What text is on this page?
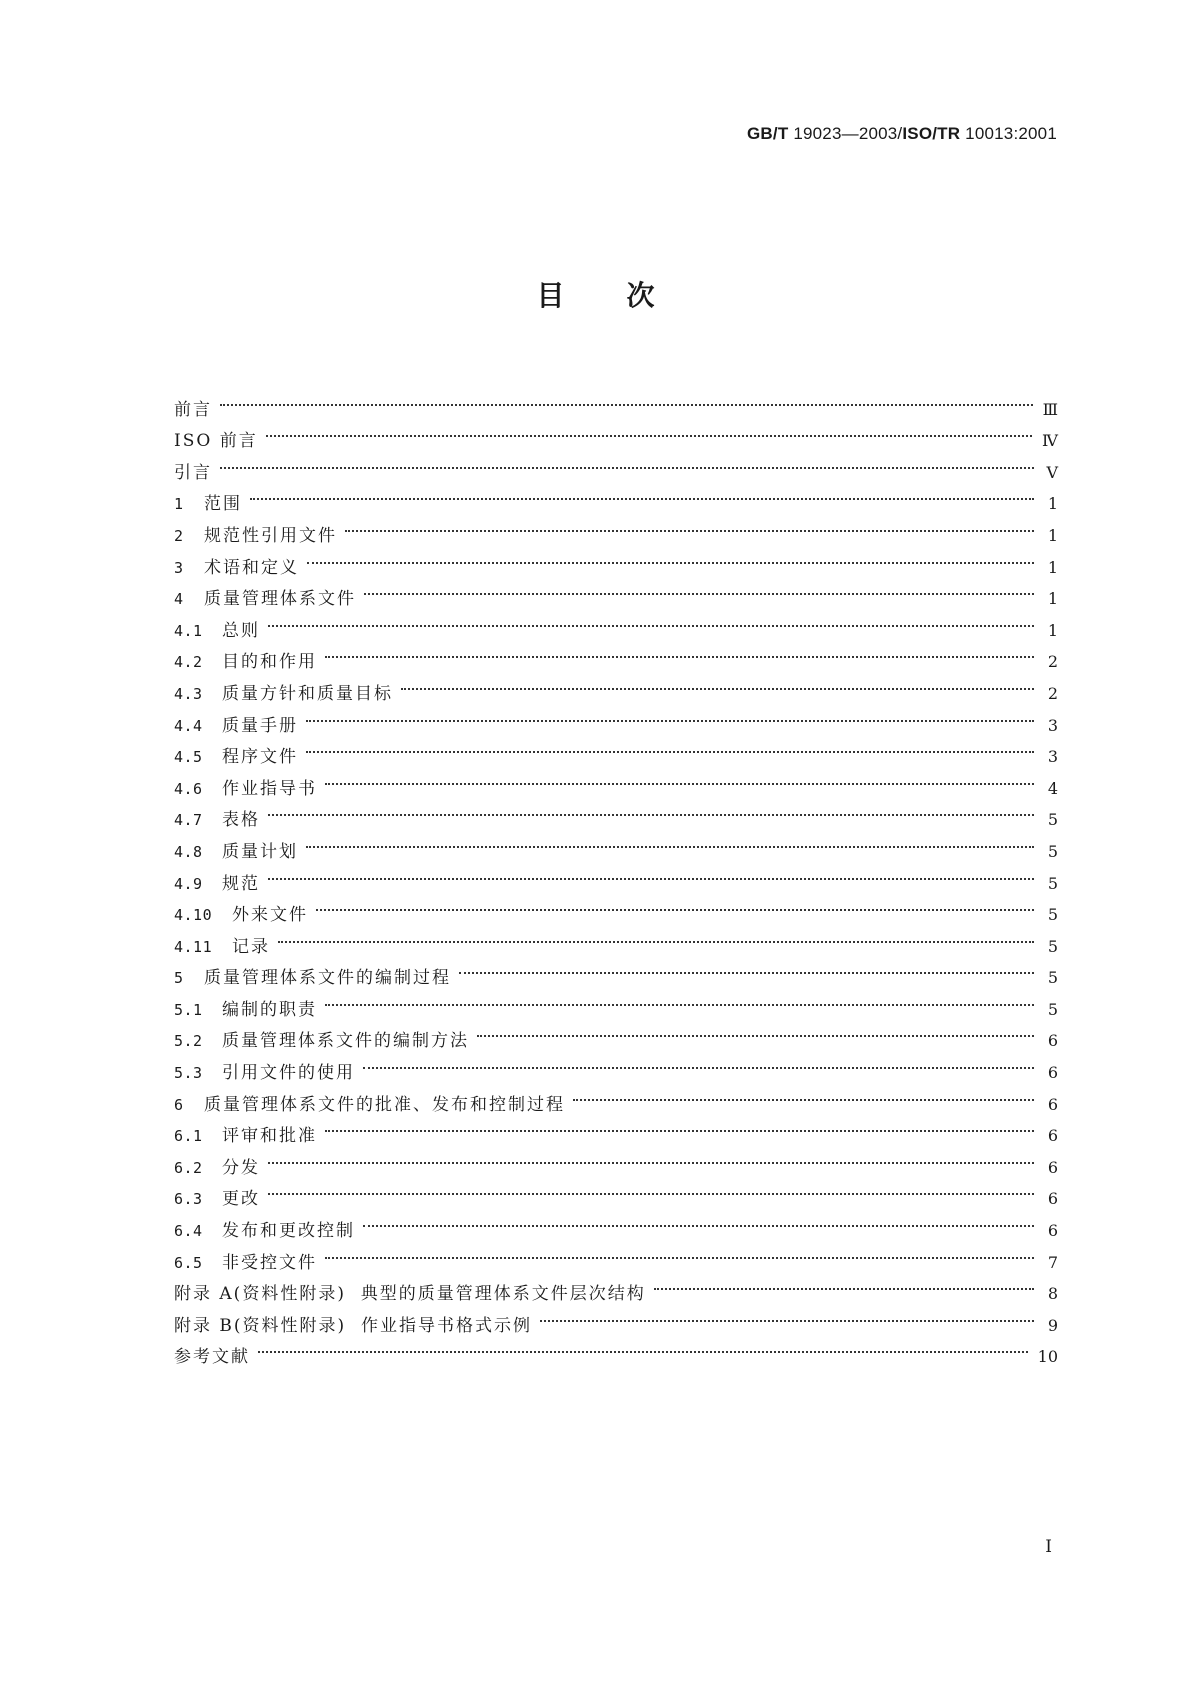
GB/T 19023—2003/ISO/TR 10013:2001
目 次
前言	Ⅲ
ISO 前言	Ⅳ
引言	Ⅴ
1	范围	1
2	规范性引用文件	1
3	术语和定义	1
4	质量管理体系文件	1
4.1	总则	1
4.2	目的和作用	2
4.3	质量方针和质量目标	2
4.4	质量手册	3
4.5	程序文件	3
4.6	作业指导书	4
4.7	表格	5
4.8	质量计划	5
4.9	规范	5
4.10	外来文件	5
4.11	记录	5
5	质量管理体系文件的编制过程	5
5.1	编制的职责	5
5.2	质量管理体系文件的编制方法	6
5.3	引用文件的使用	6
6	质量管理体系文件的批准、发布和控制过程	6
6.1	评审和批准	6
6.2	分发	6
6.3	更改	6
6.4	发布和更改控制	6
6.5	非受控文件	7
附录 A(资料性附录)  典型的质量管理体系文件层次结构	8
附录 B(资料性附录)  作业指导书格式示例	9
参考文献	10
Ⅰ
